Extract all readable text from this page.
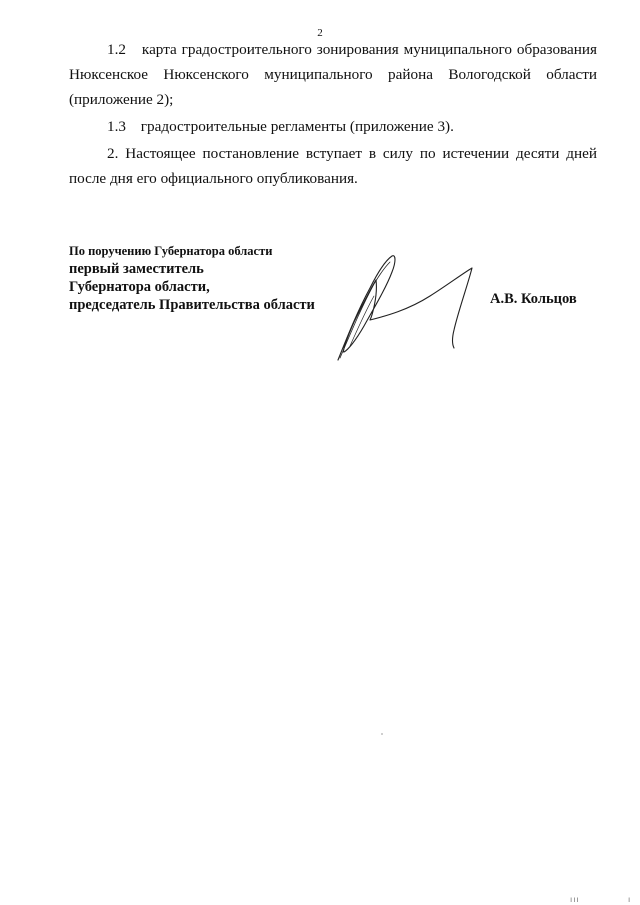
2

1.2 карта градостроительного зонирования муниципального образования Нюксенское Нюксенского муниципального района Вологодской области (приложение 2);

1.3 градостроительные регламенты (приложение 3).

2. Настоящее постановление вступает в силу по истечении десяти дней после дня его официального опубликования.

По поручению Губернатора области
первый заместитель
Губернатора области,
председатель Правительства области	А.В. Кольцов
ııı	ı
